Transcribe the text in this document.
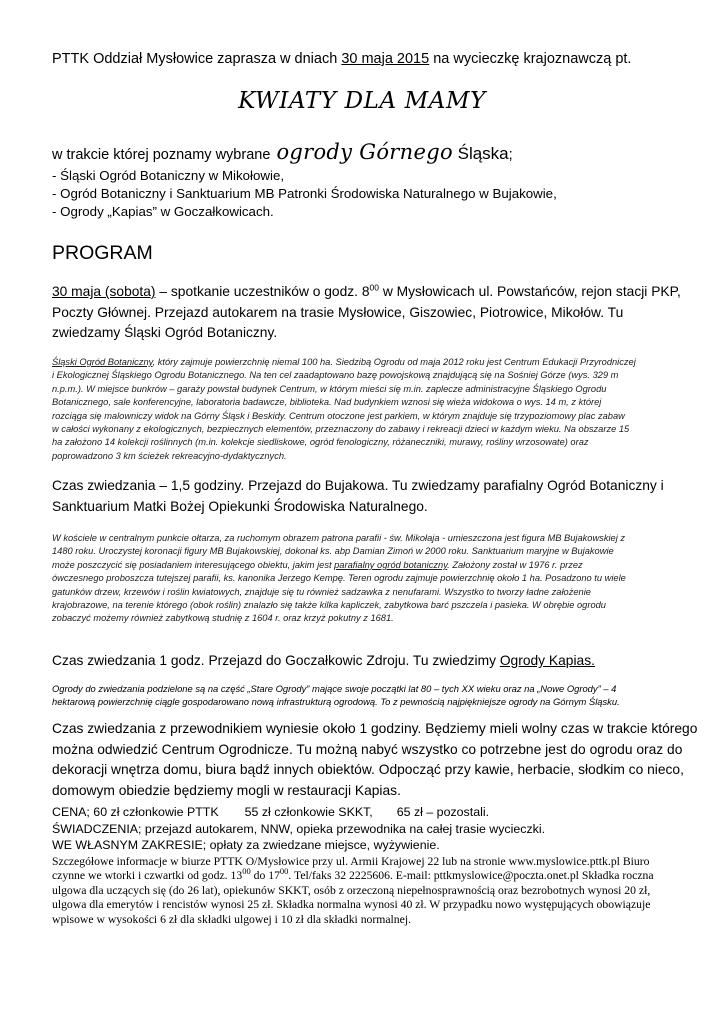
PTTK Oddział Mysłowice zaprasza w dniach 30 maja 2015 na wycieczkę krajoznawczą pt.
KWIATY DLA MAMY
w trakcie której poznamy wybrane ogrody Górnego Śląska;
- Śląski Ogród Botaniczny w Mikołowie,
- Ogród Botaniczny i Sanktuarium MB Patronki Środowiska Naturalnego w Bujakowie,
- Ogrody „Kapias” w Goczałkowicach.
PROGRAM
30 maja (sobota) – spotkanie uczestników o godz. $8^{00}$ w Mysłowicach ul. Powstańców, rejon stacji PKP,
Poczty Głównej. Przejazd autokarem na trasie Mysłowice, Giszowiec, Piotrowice, Mikołów. Tu
zwiedzamy Śląski Ogród Botaniczny.
Śląski Ogród Botaniczny, który zajmuje powierzchnię niemal 100 ha. Siedzibą Ogrodu od maja 2012 roku jest Centrum Edukacji Przyrodniczej
i Ekologicznej Śląskiego Ogrodu Botanicznego. Na ten cel zaadaptowano bazę powojskową znajdującą się na Sośniej Górze (wys. 329 m
n.p.m.). W miejsce bunkrów – garaży powstał budynek Centrum, w którym mieści się m.in. zaplecze administracyjne Śląskiego Ogrodu
Botanicznego, sale konferencyjne, laboratoria badawcze, biblioteka. Nad budynkiem wznosi się wieża widokowa o wys. 14 m, z której
rozciąga się malowniczy widok na Górny Śląsk i Beskidy. Centrum otoczone jest parkiem, w którym znajduje się trzypoziomowy plac zabaw
w całości wykonany z ekologicznych, bezpiecznych elementów, przeznaczony do zabawy i rekreacji dzieci w każdym wieku. Na obszarze 15
ha założono 14 kolekcji roślinnych (m.in. kolekcje siedliskowe, ogród fenologiczny, różaneczniki, murawy, rośliny wrzosowate) oraz
poprowadzono 3 km ścieżek rekreacyjno-dydaktycznych.
Czas zwiedzania – 1,5 godziny. Przejazd do Bujakowa. Tu zwiedzamy parafialny Ogród Botaniczny i
Sanktuarium Matki Bożej Opiekunki Środowiska Naturalnego.
W kościele w centralnym punkcie ołtarza, za ruchomym obrazem patrona parafii - św. Mikołaja - umieszczona jest figura MB Bujakowskiej z
1480 roku. Uroczystej koronacji figury MB Bujakowskiej, dokonał ks. abp Damian Zimoń w 2000 roku. Sanktuarium maryjne w Bujakowie
może poszczycić się posiadaniem interesującego obiektu, jakim jest parafialny ogród botaniczny. Założony został w 1976 r. przez
ówczesnego proboszcza tutejszej parafii, ks. kanonika Jerzego Kempę. Teren ogrodu zajmuje powierzchnię około 1 ha. Posadzono tu wiele
gatunków drzew, krzewów i roślin kwiatowych, znajduje się tu również sadzawka z nenufarami. Wszystko to tworzy ładne założenie
krajobrazowe, na terenie którego (obok roślin) znalazło się także kilka kapliczek, zabytkowa barć pszczela i pasieka. W obrębie ogrodu
zobaczyć możemy również zabytkową studnię z 1604 r. oraz krzyż pokutny z 1681.
Czas zwiedzania 1 godz. Przejazd do Goczałkowic Zdroju. Tu zwiedzimy Ogrody Kapias.
Ogrody do zwiedzania podzielone są na część „Stare Ogrody” mające swoje początki lat 80 – tych XX wieku oraz na „Nowe Ogrody” – 4
hektarową powierzchnię ciągle gospodarowano nową infrastrukturą ogrodową. To z pewnością najpiękniejsze ogrody na Górnym Śląsku.
Czas zwiedzania z przewodnikiem wyniesie około 1 godziny. Będziemy mieli wolny czas w trakcie którego
można odwiedzić Centrum Ogrodnicze. Tu możną nabyć wszystko co potrzebne jest do ogrodu oraz do
dekoracji wnętrza domu, biura bądź innych obiektów. Odpocząć przy kawie, herbacie, słodkim co nieco,
domowym obiedzie będziemy mogli w restauracji Kapias.
CENA; 60 zł członkowie PTTK 55 zł członkowie SKKT, 65 zł – pozostali.
ŚWIADCZENIA; przejazd autokarem, NNW, opieka przewodnika na całej trasie wycieczki.
WE WŁASNYM ZAKRESIE; opłaty za zwiedzane miejsce, wyżywienie.
Szczegółowe informacje w biurze PTTK O/Mysłowice przy ul. Armii Krajowej 22 lub na stronie www.myslowice.pttk.pl Biuro
czynne we wtorki i czwartki od godz. $13^{00}$ do $17^{00}$. Tel/faks 32 2225606. E-mail: pttkmyslowice@poczta.onet.pl Składka roczna
ulgowa dla uczących się (do 26 lat), opiekunów SKKT, osób z orzeczoną niepełnosprawnością oraz bezrobotnych wynosi 20 zł,
ulgowa dla emerytów i rencistów wynosi 25 zł. Składka normalna wynosi 40 zł. W przypadku nowo występujących obowiązuje
wpisowe w wysokości 6 zł dla składki ulgowej i 10 zł dla składki normalnej.
